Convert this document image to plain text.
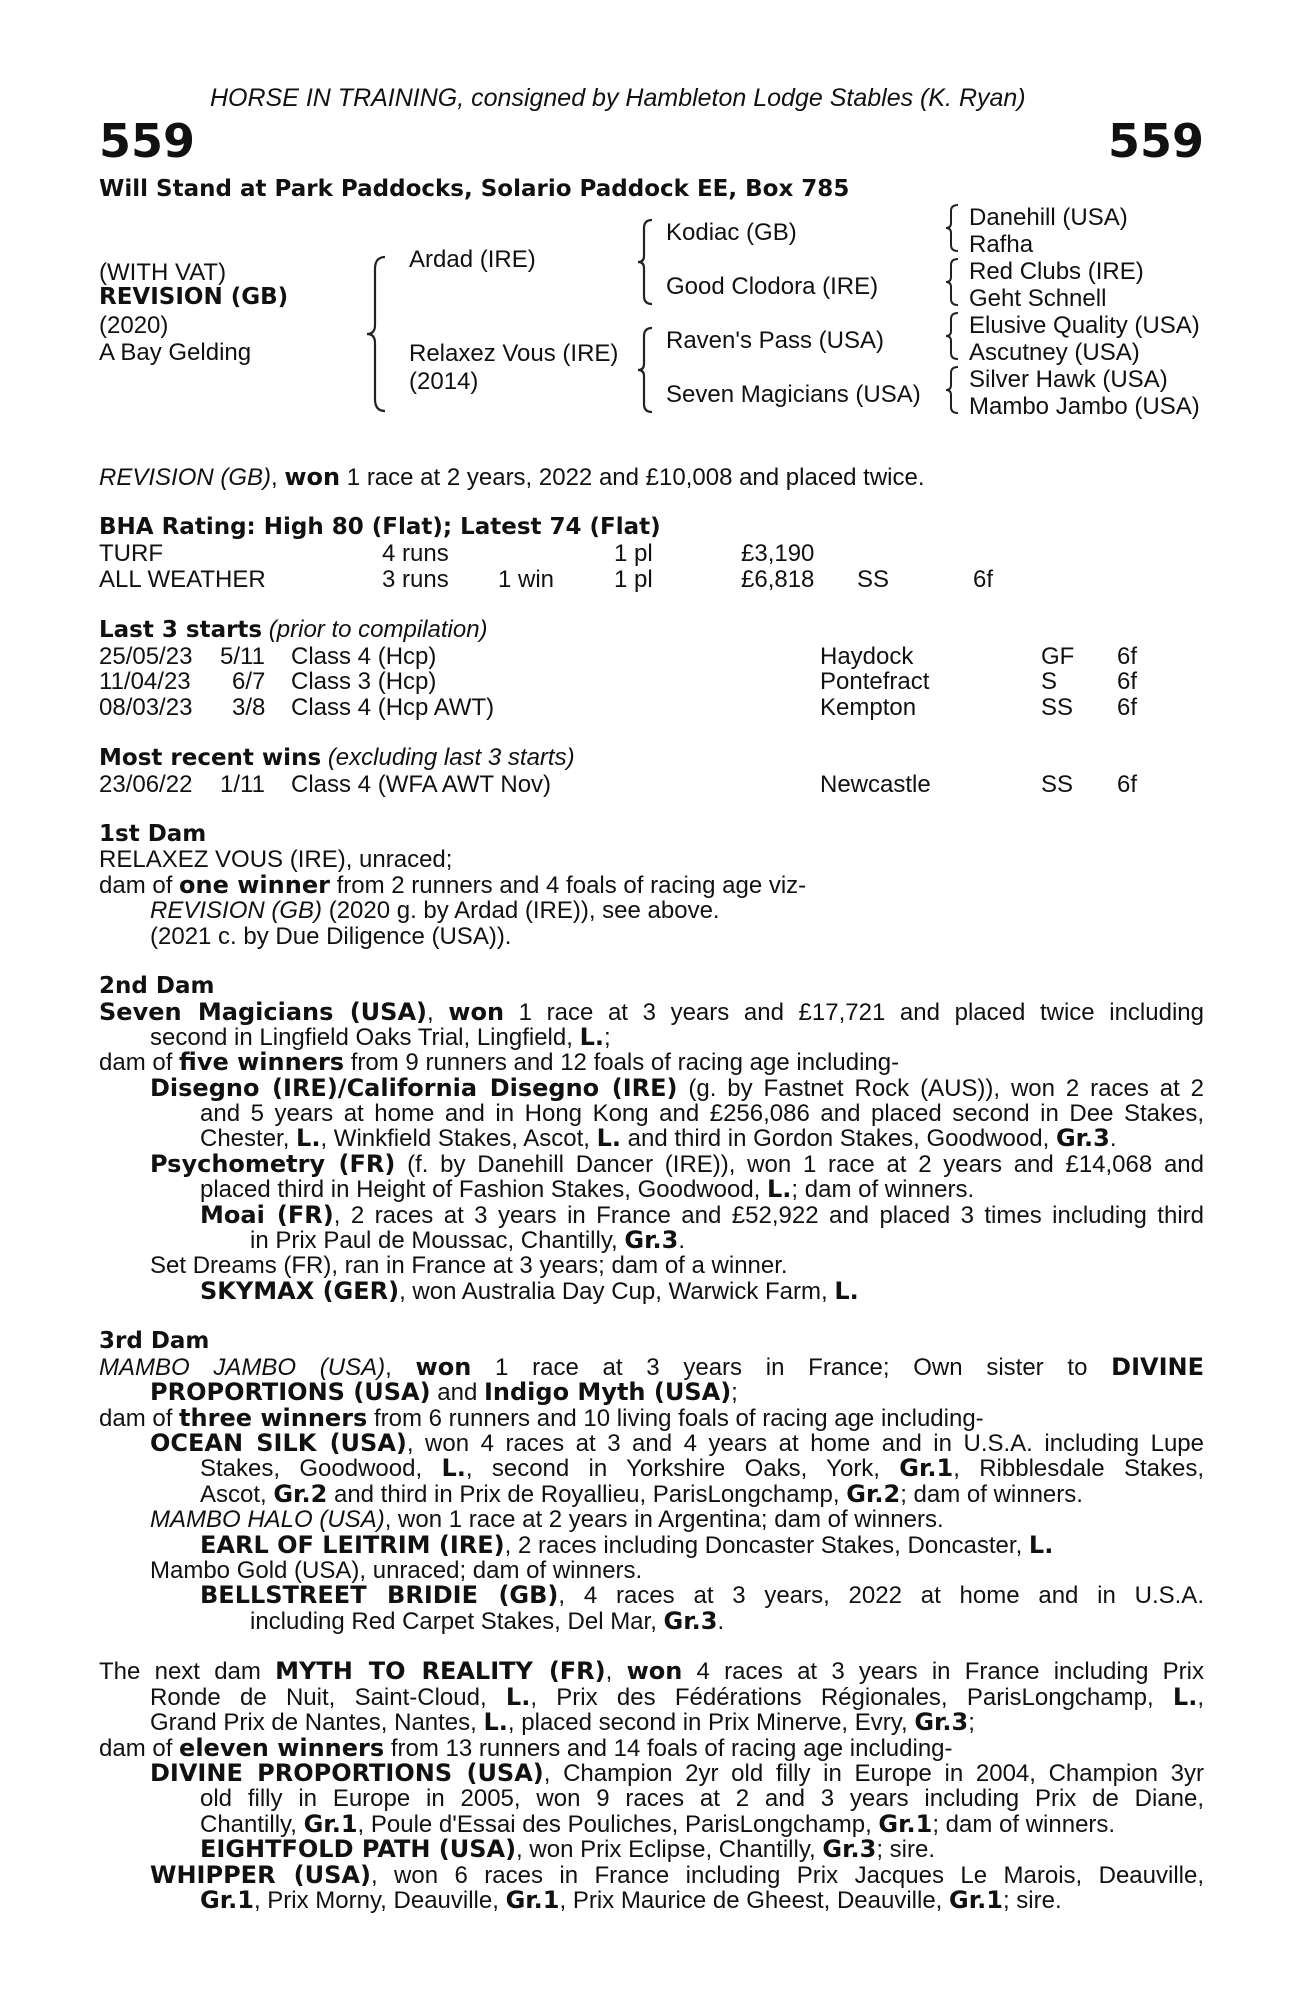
HORSE IN TRAINING, consigned by Hambleton Lodge Stables (K. Ryan)
559	559
Will Stand at Park Paddocks, Solario Paddock EE, Box 785
(WITH VAT)
REVISION (GB)
(2020)
A Bay Gelding
Ardad (IRE)
Relaxez Vous (IRE)
(2014)
Kodiac (GB)
Good Clodora (IRE)
Raven's Pass (USA)
Seven Magicians (USA)
Danehill (USA)
Rafha
Red Clubs (IRE)
Geht Schnell
Elusive Quality (USA)
Ascutney (USA)
Silver Hawk (USA)
Mambo Jambo (USA)
REVISION (GB), won 1 race at 2 years, 2022 and £10,008 and placed twice.
BHA Rating: High 80 (Flat); Latest 74 (Flat)
TURF	4 runs	1 pl	£3,190
ALL WEATHER	3 runs 1 win 1 pl	£6,818 SS	6f
Last 3 starts (prior to compilation)
25/05/23 5/11 Class 4 (Hcp)	Haydock	GF 6f
11/04/23 6/7 Class 3 (Hcp)	Pontefract	S 6f
08/03/23 3/8 Class 4 (Hcp AWT)	Kempton	SS 6f
Most recent wins (excluding last 3 starts)
23/06/22 1/11 Class 4 (WFA AWT Nov)	Newcastle	SS 6f
1st Dam
RELAXEZ VOUS (IRE), unraced;
dam of one winner from 2 runners and 4 foals of racing age viz-
REVISION (GB) (2020 g. by Ardad (IRE)), see above.
(2021 c. by Due Diligence (USA)).
2nd Dam
Seven Magicians (USA), won 1 race at 3 years and £17,721 and placed twice including
second in Lingfield Oaks Trial, Lingfield, L.;
dam of five winners from 9 runners and 12 foals of racing age including-
Disegno (IRE)/California Disegno (IRE) (g. by Fastnet Rock (AUS)), won 2 races at 2
and 5 years at home and in Hong Kong and £256,086 and placed second in Dee Stakes,
Chester, L., Winkfield Stakes, Ascot, L. and third in Gordon Stakes, Goodwood, Gr.3.
Psychometry (FR) (f. by Danehill Dancer (IRE)), won 1 race at 2 years and £14,068 and
placed third in Height of Fashion Stakes, Goodwood, L.; dam of winners.
Moai (FR), 2 races at 3 years in France and £52,922 and placed 3 times including third
in Prix Paul de Moussac, Chantilly, Gr.3.
Set Dreams (FR), ran in France at 3 years; dam of a winner.
SKYMAX (GER), won Australia Day Cup, Warwick Farm, L.
3rd Dam
MAMBO JAMBO (USA), won 1 race at 3 years in France; Own sister to DIVINE
PROPORTIONS (USA) and Indigo Myth (USA);
dam of three winners from 6 runners and 10 living foals of racing age including-
OCEAN SILK (USA), won 4 races at 3 and 4 years at home and in U.S.A. including Lupe
Stakes, Goodwood, L., second in Yorkshire Oaks, York, Gr.1, Ribblesdale Stakes,
Ascot, Gr.2 and third in Prix de Royallieu, ParisLongchamp, Gr.2; dam of winners.
MAMBO HALO (USA), won 1 race at 2 years in Argentina; dam of winners.
EARL OF LEITRIM (IRE), 2 races including Doncaster Stakes, Doncaster, L.
Mambo Gold (USA), unraced; dam of winners.
BELLSTREET BRIDIE (GB), 4 races at 3 years, 2022 at home and in U.S.A.
including Red Carpet Stakes, Del Mar, Gr.3.
The next dam MYTH TO REALITY (FR), won 4 races at 3 years in France including Prix
Ronde de Nuit, Saint-Cloud, L., Prix des Fédérations Régionales, ParisLongchamp, L.,
Grand Prix de Nantes, Nantes, L., placed second in Prix Minerve, Evry, Gr.3;
dam of eleven winners from 13 runners and 14 foals of racing age including-
DIVINE PROPORTIONS (USA), Champion 2yr old filly in Europe in 2004, Champion 3yr
old filly in Europe in 2005, won 9 races at 2 and 3 years including Prix de Diane,
Chantilly, Gr.1, Poule d'Essai des Pouliches, ParisLongchamp, Gr.1; dam of winners.
EIGHTFOLD PATH (USA), won Prix Eclipse, Chantilly, Gr.3; sire.
WHIPPER (USA), won 6 races in France including Prix Jacques Le Marois, Deauville,
Gr.1, Prix Morny, Deauville, Gr.1, Prix Maurice de Gheest, Deauville, Gr.1; sire.
